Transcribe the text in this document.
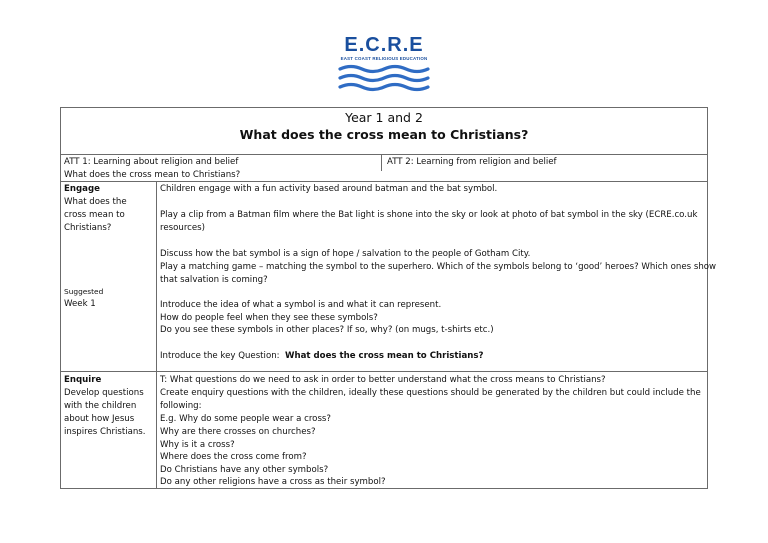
E.C.R.E
EAST COAST RELIGIOUS EDUCATION
Year 1 and 2
What does the cross mean to Christians?
ATT 1: Learning about religion and belief
What does the cross mean to Christians?
ATT 2: Learning from religion and belief
Engage
What does the
cross mean to
Christians?
Suggested
Week 1
Children engage with a fun activity based around batman and the bat symbol.
Play a clip from a Batman film where the Bat light is shone into the sky or look at photo of bat symbol in the sky (ECRE.co.uk
resources)
Discuss how the bat symbol is a sign of hope / salvation to the people of Gotham City.
Play a matching game – matching the symbol to the superhero. Which of the symbols belong to ‘good’ heroes? Which ones show
that salvation is coming?
Introduce the idea of what a symbol is and what it can represent.
How do people feel when they see these symbols?
Do you see these symbols in other places? If so, why? (on mugs, t-shirts etc.)
Introduce the key Question: What does the cross mean to Christians?
Enquire
Develop questions
with the children
about how Jesus
inspires Christians.
T: What questions do we need to ask in order to better understand what the cross means to Christians?
Create enquiry questions with the children, ideally these questions should be generated by the children but could include the
following:
E.g. Why do some people wear a cross?
Why are there crosses on churches?
Why is it a cross?
Where does the cross come from?
Do Christians have any other symbols?
Do any other religions have a cross as their symbol?
